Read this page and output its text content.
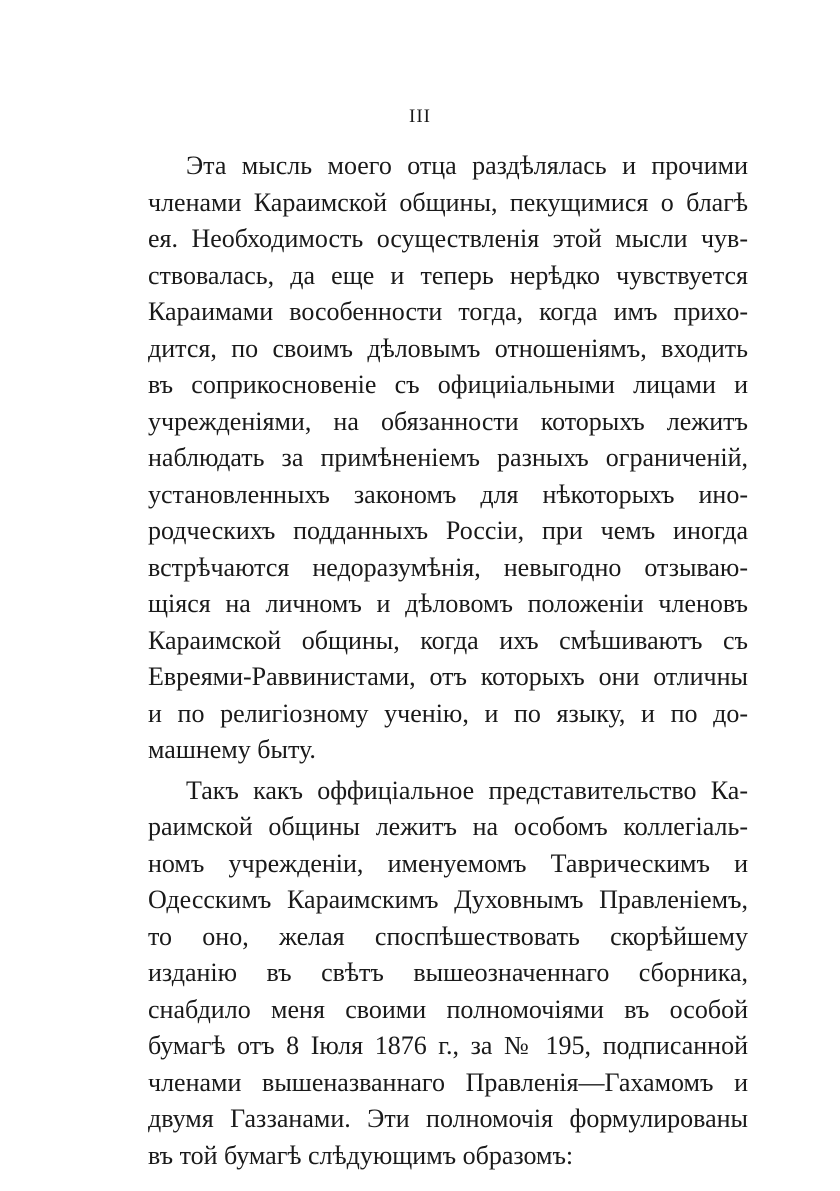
III
Эта мысль моего отца раздѣлялась и прочими
членами Караимской общины, пекущимися о благѣ
ея. Необходимость осуществленія этой мысли чув-
ствовалась, да еще и теперь нерѣдко чувствуется
Караимами вособенности тогда, когда имъ прихо-
дится, по своимъ дѣловымъ отношеніямъ, входить
въ соприкосновеніе съ официіальными лицами и
учрежденіями, на обязанности которыхъ лежитъ
наблюдать за примѣненіемъ разныхъ ограниченій,
установленныхъ закономъ для нѣкоторыхъ ино-
родческихъ подданныхъ Россіи, при чемъ иногда
встрѣчаются недоразумѣнія, невыгодно отзываю-
щіяся на личномъ и дѣловомъ положеніи членовъ
Караимской общины, когда ихъ смѣшиваютъ съ
Евреями-Раввинистами, отъ которыхъ они отличны
и по религіозному ученію, и по языку, и по до-
машнему быту.
Такъ какъ оффиціальное представительство Ка-
раимской общины лежитъ на особомъ коллегіаль-
номъ учрежденіи, именуемомъ Таврическимъ и
Одесскимъ Караимскимъ Духовнымъ Правленіемъ,
то оно, желая споспѣшествовать скорѣйшему
изданію въ свѣтъ вышеозначеннаго сборника,
снабдило меня своими полномочіями въ особой
бумагѣ отъ 8 Іюля 1876 г., за № 195, подписанной
членами вышеназваннаго Правленія—Гахамомъ и
двумя Газзанами. Эти полномочія формулированы
въ той бумагѣ слѣдующимъ образомъ:
